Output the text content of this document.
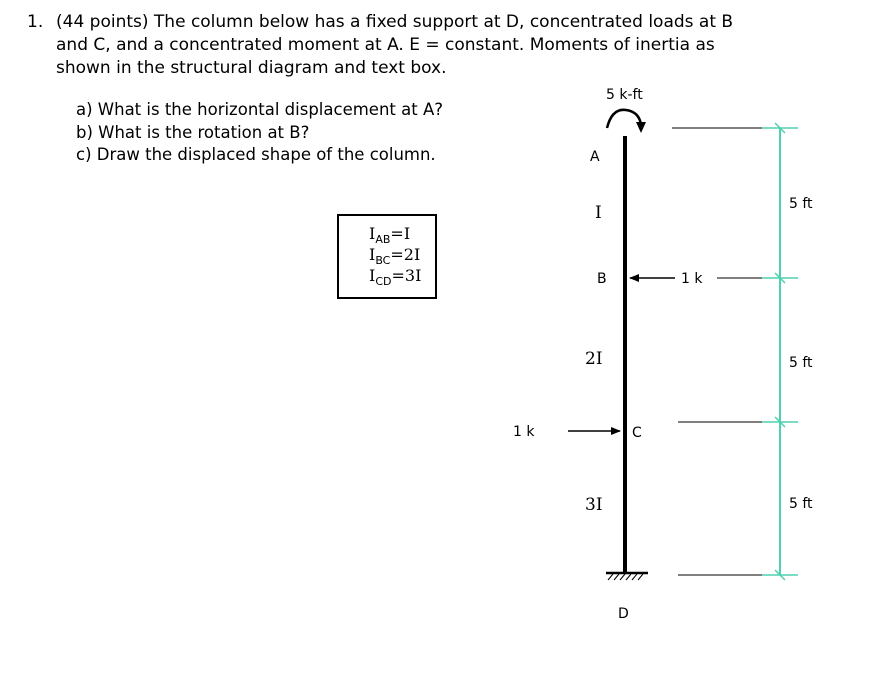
1. (44 points) The column below has a fixed support at D, concentrated loads at B
and C, and a concentrated moment at A. E = constant. Moments of inertia as
shown in the structural diagram and text box.
a) What is the horizontal displacement at A?
b) What is the rotation at B?
c) Draw the displaced shape of the column.
$I_{AB}=I$
$I_{BC}=2I$
$I_{CD}=3I$
5 k-ft
A
B
C
D
I
2I
3I
1 k
1 k
5 ft
5 ft
5 ft
